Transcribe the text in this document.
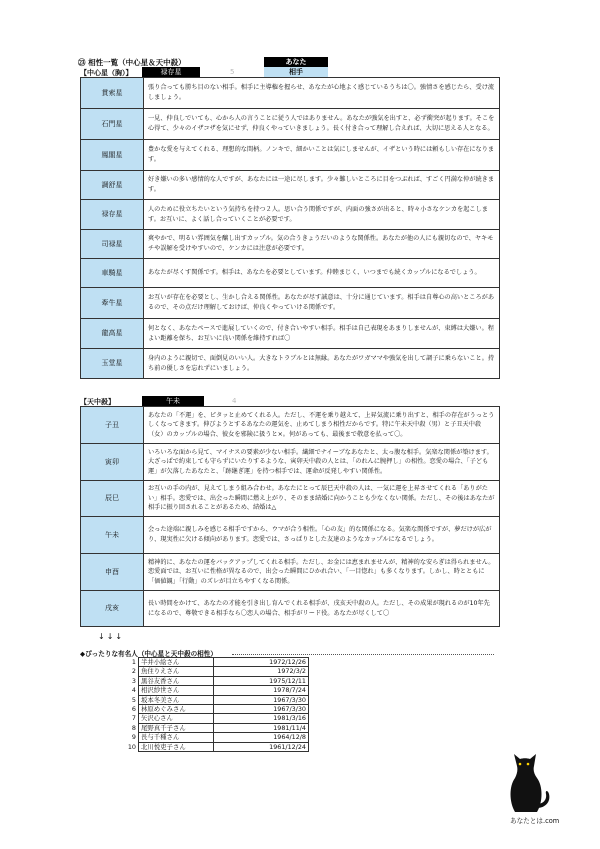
㉓ 相性一覧（中心星＆天中殺）	あなた
相手
【中心星（胸）】	禄存星	5
貫索星	張り合っても勝ち目のない相手。相手に主導権を握らせ、あなたが心地よく感じているうちは〇。強情さを感じたら、受け流しましょう。
石門星	一見、仲良しでいても、心から人の言うことに従う人ではありません。あなたが強気を出すと、必ず衝突が起ります。そこを心得て、少々のイザコザを気にせず、仲良くやっていきましょう。長く付き合って理解し合えれば、大切に思える人となる。
鳳閣星	豊かな愛を与えてくれる、理想的な間柄。ノンキで、細かいことは気にしませんが、イザという時には頼もしい存在になります。
調舒星	好き嫌いの多い感情的な人ですが、あなたには一途に尽します。少々難しいところに目をつぶれば、すごく円満な仲が続きます。
禄存星	人のために役立ちたいという気持ちを持つ２人。思い合う関係ですが、内面の強さが出ると、時々小さなケンカを起こします。お互いに、よく話し合っていくことが必要です。
司禄星	爽やかで、明るい雰囲気を醸し出すカップル。気の合うきょうだいのような関係性。あなたが他の人にも親切なので、ヤキモチや誤解を受けやすいので、ケンカには注意が必要です。
車騎星	あなたが尽くす関係です。相手は、あなたを必要としています。仲睦まじく、いつまでも続くカップルになるでしょう。
牽牛星	お互いが存在を必要とし、生かし合える関係性。あなたが尽す誠意は、十分に通じています。相手は自尊心の高いところがあるので、その点だけ理解しておけば、仲良くやっていける関係です。
龍高星	何となく、あなたペースで進展していくので、付き合いやすい相手。相手は自己表現をあまりしませんが、束縛は大嫌い。程よい距離を保ち、お互いに良い関係を維持すれば〇
玉堂星	身内のように親切で、面倒見のいい人。大きなトラブルとは無縁。あなたがワガママや強気を出して調子に乗らないこと。持ち前の優しさを忘れずにいましょう。
【天中殺】	午未	4
子丑	あなたの「不運」を、ピタッと止めてくれる人。ただし、不運を乗り越えて、上昇気流に乗り出すと、相手の存在がうっとうしくなってきます。伸びようとするあなたの運気を、止めてしまう相性だからです。特に午未天中殺（男）と子丑天中殺（女）のカップルの場合、彼女を邪険に扱うと×。何があっても、最後まで敬意を払って〇。
寅卯	いろいろな面から見て、マイナスの要素が少ない相手。繊細でナイーブなあなたと、太っ腹な相手。気楽な関係が築けます。大ざっぱで約束しても守らずにいたりするような、寅卯天中殺の人とは、「のれんに腕押し」の相性。恋愛の場合、「子ども運」が欠落したあなたと、「跡継ぎ運」を持つ相手では、運命が反発しやすい関係性。
辰巳	お互いの手の内が、見えてしまう組み合わせ。あなたにとって辰巳天中殺の人は、一気に運を上昇させてくれる「ありがたい」相手。恋愛では、出会った瞬間に燃え上がり、そのまま結婚に向かうことも少なくない関係。ただし、その後はあなたが相手に振り回されることがあるため、結婚は△
午未	会った途端に親しみを感じる相手ですから、ウマが合う相性。「心の友」的な関係になる。気楽な関係ですが、夢だけが広がり、現実性に欠ける傾向があります。恋愛では、さっぱりとした友達のようなカップルになるでしょう。
申酉	精神的に、あなたの運をバックアップしてくれる相手。ただし、お金には恵まれませんが、精神的な安らぎは得られません。恋愛面では、お互いに性格が異なるので、出会った瞬間にひかれ合い、「一目惚れ」も多くなります。しかし、時とともに「価値観」「行動」のズレが目立ちやすくなる関係。
戌亥	長い時間をかけて、あなたの才能を引き出し育んでくれる相手が、戌亥天中殺の人。ただし、その成果が現れるのが10年先になるので、尊敬できる相手なら〇恋人の場合、相手がリード役。あなたが尽くして〇
↓↓↓
◆ぴったりな有名人（中心星と天中殺の相性）
1	半井小絵さん	1972/12/26
2	魚住りえさん	1972/3/2
3	黒谷友香さん	1975/12/11
4	相沢紗世さん	1978/7/24
5	坂本冬美さん	1967/3/30
6	林原めぐみさん	1967/3/30
7	矢沢心さん	1981/3/16
8	尾野真千子さん	1981/11/4
9	長与千種さん	1964/12/8
10	北川悦吏子さん	1961/12/24
あなたとは.com
